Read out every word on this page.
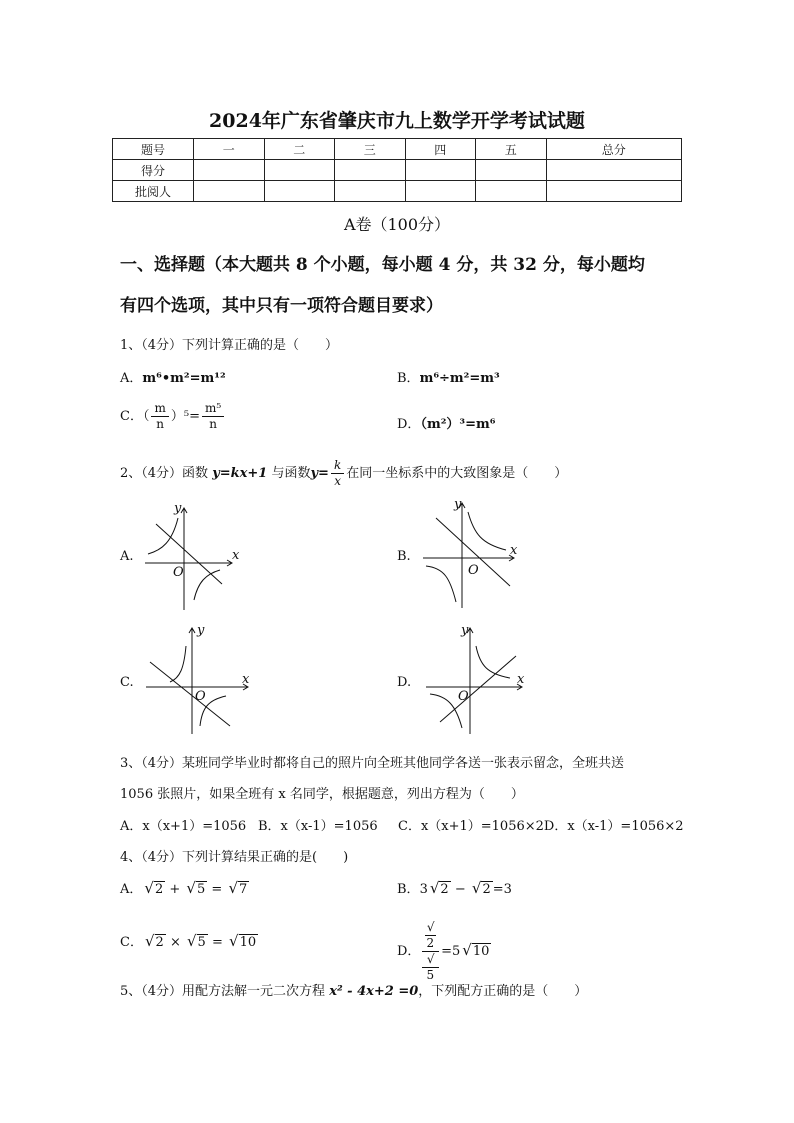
2024年广东省肇庆市九上数学开学考试试题
题号	一	二	三	四	五	总分
得分						
批阅人						
A卷（100分）
一、选择题（本大题共 8 个小题，每小题 4 分，共 32 分，每小题均
有四个选项，其中只有一项符合题目要求）
1、（4分）下列计算正确的是（　　）
A．m⁶•m²=m¹²	B．m⁶÷m²=m³
C．（ $\frac{m}{n} )^5= \frac{\text{m⁵}}{n}$	D．（m²）³=m⁶
2、（4分）函数 y=kx+1 与函数$y= \frac{k}{x}$ 在同一坐标系中的大致图象是（　　）
A.	B.
C.	D.
y
x
O
y
x
O
y
x
O
y
x
O
3、（4分）某班同学毕业时都将自己的照片向全班其他同学各送一张表示留念，全班共送
1056 张照片，如果全班有 x 名同学，根据题意，列出方程为（　　）
A．x（x+1）=1056 B．x（x-1）=1056 C．x（x+1）=1056×2D．x（x-1）=1056×2
4、（4分）下列计算结果正确的是(　　)
A． √2 + √5 = √7	B．3 √2 − √2 =3
C． √2 × √5 = √10
D． √
2
√
5 =5 √10
5、（4分）用配方法解一元二次方程 x² - 4x+2 =0，下列配方正确的是（　　）
